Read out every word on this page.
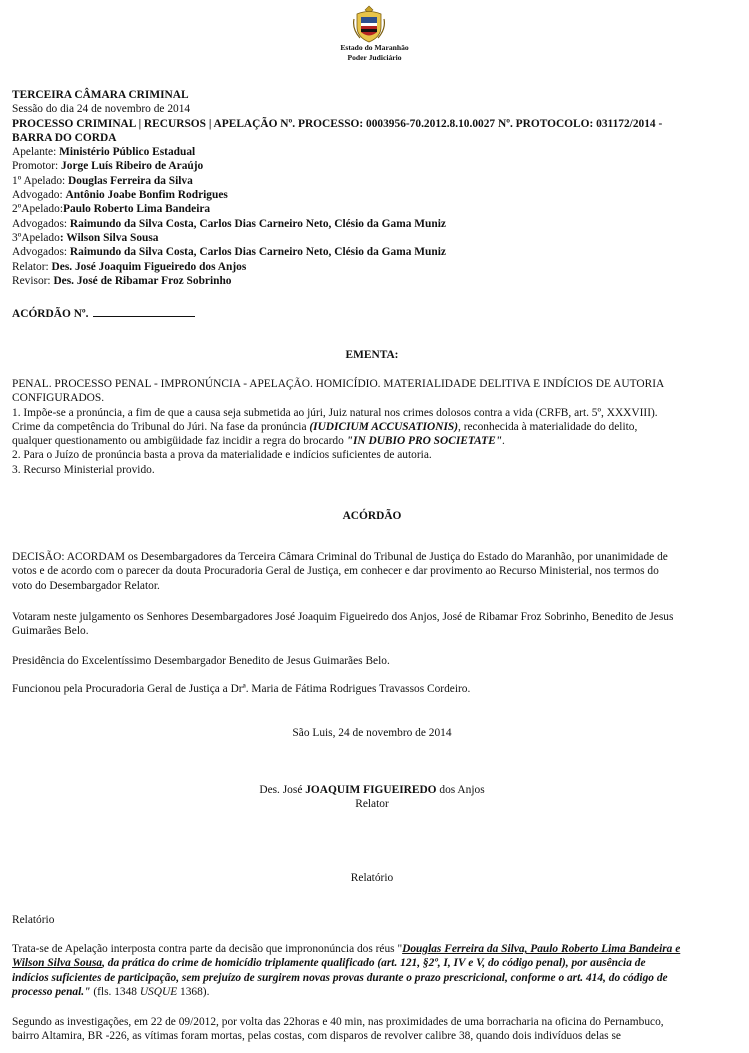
Estado do Maranhão
Poder Judiciário

TERCEIRA CÂMARA CRIMINAL

Sessão do dia 24 de novembro de 2014

PROCESSO CRIMINAL | RECURSOS | APELAÇÃO Nº. PROCESSO: 0003956-70.2012.8.10.0027 Nº. PROTOCOLO: 031172/2014 -

BARRA DO CORDA

Apelante: Ministério Público Estadual

Promotor: Jorge Luís Ribeiro de Araújo

1º Apelado: Douglas Ferreira da Silva

Advogado: Antônio Joabe Bonfim Rodrigues

2ºApelado:Paulo Roberto Lima Bandeira

Advogados: Raimundo da Silva Costa, Carlos Dias Carneiro Neto, Clésio da Gama Muniz

3ºApelado: Wilson Silva Sousa

Advogados: Raimundo da Silva Costa, Carlos Dias Carneiro Neto, Clésio da Gama Muniz

Relator: Des. José Joaquim Figueiredo dos Anjos

Revisor: Des. José de Ribamar Froz Sobrinho

ACÓRDÃO Nº.
EMENTA:

PENAL. PROCESSO PENAL - IMPRONÚNCIA - APELAÇÃO. HOMICÍDIO. MATERIALIDADE DELITIVA E INDÍCIOS DE AUTORIA

CONFIGURADOS.

1. Impõe-se a pronúncia, a fim de que a causa seja submetida ao júri, Juiz natural nos crimes dolosos contra a vida (CRFB, art. 5º, XXXVIII).

Crime da competência do Tribunal do Júri. Na fase da pronúncia (IUDICIUM ACCUSATIONIS), reconhecida à materialidade do delito,

qualquer questionamento ou ambigüidade faz incidir a regra do brocardo "IN DUBIO PRO SOCIETATE".

2. Para o Juízo de pronúncia basta a prova da materialidade e indícios suficientes de autoria.

3. Recurso Ministerial provido.

ACÓRDÃO

DECISÃO: ACORDAM os Desembargadores da Terceira Câmara Criminal do Tribunal de Justiça do Estado do Maranhão, por unanimidade de

votos e de acordo com o parecer da douta Procuradoria Geral de Justiça, em conhecer e dar provimento ao Recurso Ministerial, nos termos do

voto do Desembargador Relator.

Votaram neste julgamento os Senhores Desembargadores José Joaquim Figueiredo dos Anjos, José de Ribamar Froz Sobrinho, Benedito de Jesus

Guimarães Belo.

Presidência do Excelentíssimo Desembargador Benedito de Jesus Guimarães Belo.
Funcionou pela Procuradoria Geral de Justiça a Drª. Maria de Fátima Rodrigues Travassos Cordeiro.
São Luis, 24 de novembro de 2014
Des. José JOAQUIM FIGUEIREDO dos Anjos
Relator
Relatório
Relatório

Trata-se de Apelação interposta contra parte da decisão que imprononúncia dos réus "Douglas Ferreira da Silva, Paulo Roberto Lima Bandeira e

Wilson Silva Sousa, da prática do crime de homicídio triplamente qualificado (art. 121, §2º, I, IV e V, do código penal), por ausência de

indícios suficientes de participação, sem prejuízo de surgirem novas provas durante o prazo prescricional, conforme o art. 414, do código de

processo penal." (fls. 1348 USQUE 1368).

Segundo as investigações, em 22 de 09/2012, por volta das 22horas e 40 min, nas proximidades de uma borracharia na oficina do Pernambuco,

bairro Altamira, BR -226, as vítimas foram mortas, pelas costas, com disparos de revolver calibre 38, quando dois indivíduos delas se
